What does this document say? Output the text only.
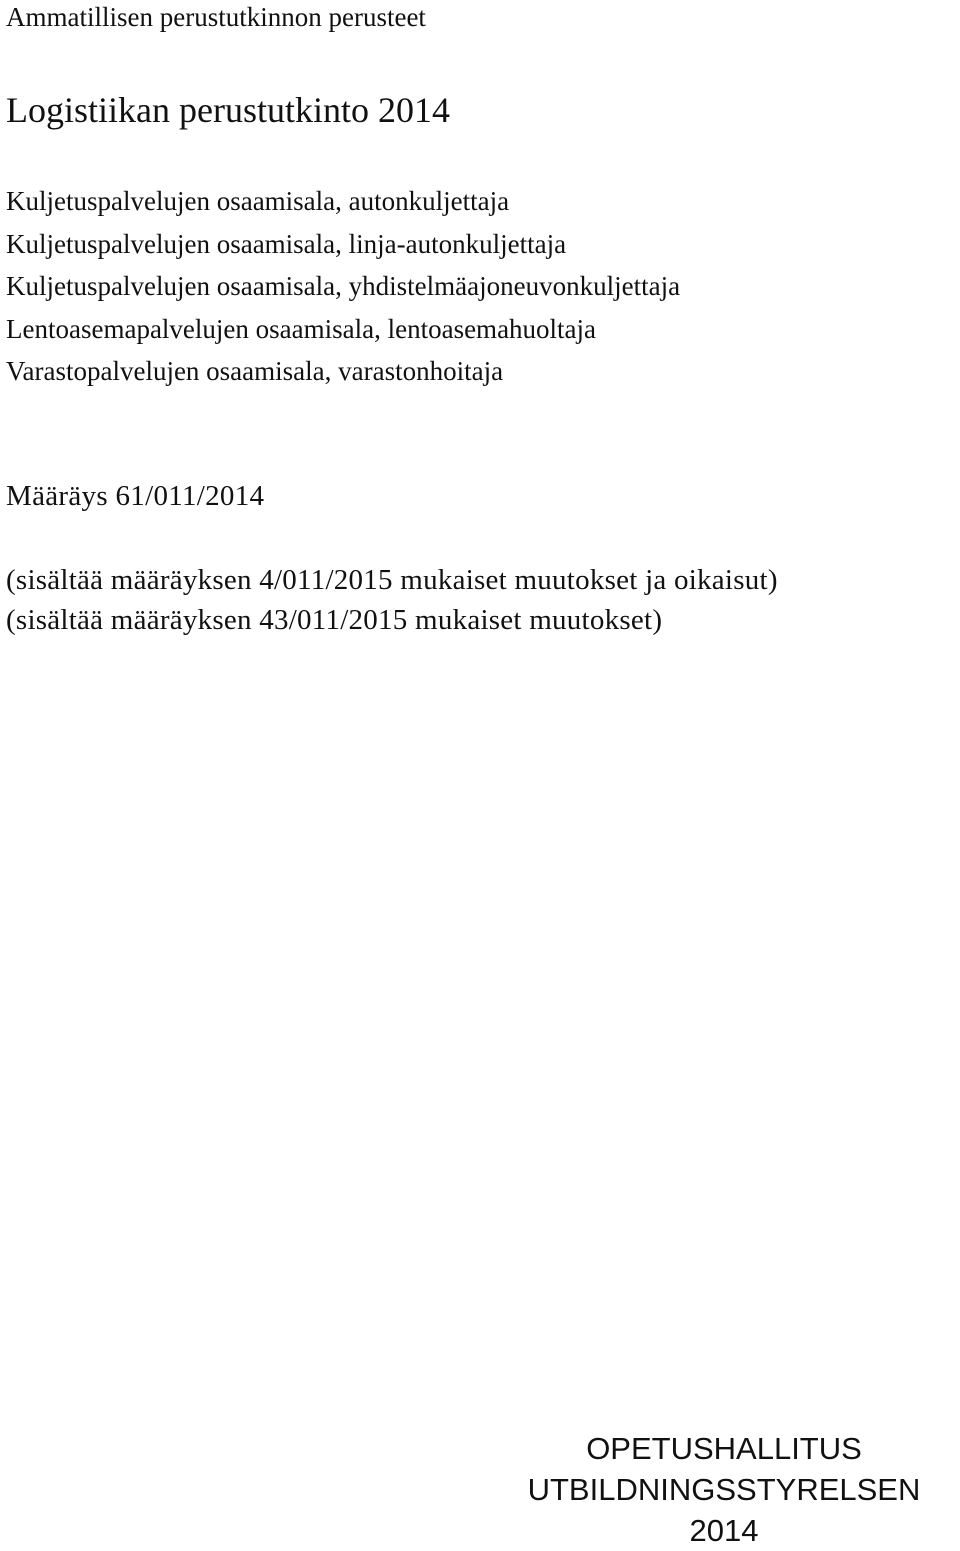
Ammatillisen perustutkinnon perusteet
Logistiikan perustutkinto 2014
Kuljetuspalvelujen osaamisala, autonkuljettaja
Kuljetuspalvelujen osaamisala, linja-autonkuljettaja
Kuljetuspalvelujen osaamisala, yhdistelmäajoneuvonkuljettaja
Lentoasemapalvelujen osaamisala, lentoasemahuoltaja
Varastopalvelujen osaamisala, varastonhoitaja
Määräys 61/011/2014
(sisältää määräyksen 4/011/2015 mukaiset muutokset ja oikaisut)
(sisältää määräyksen 43/011/2015 mukaiset muutokset)
OPETUSHALLITUS
UTBILDNINGSSTYRELSEN
2014
